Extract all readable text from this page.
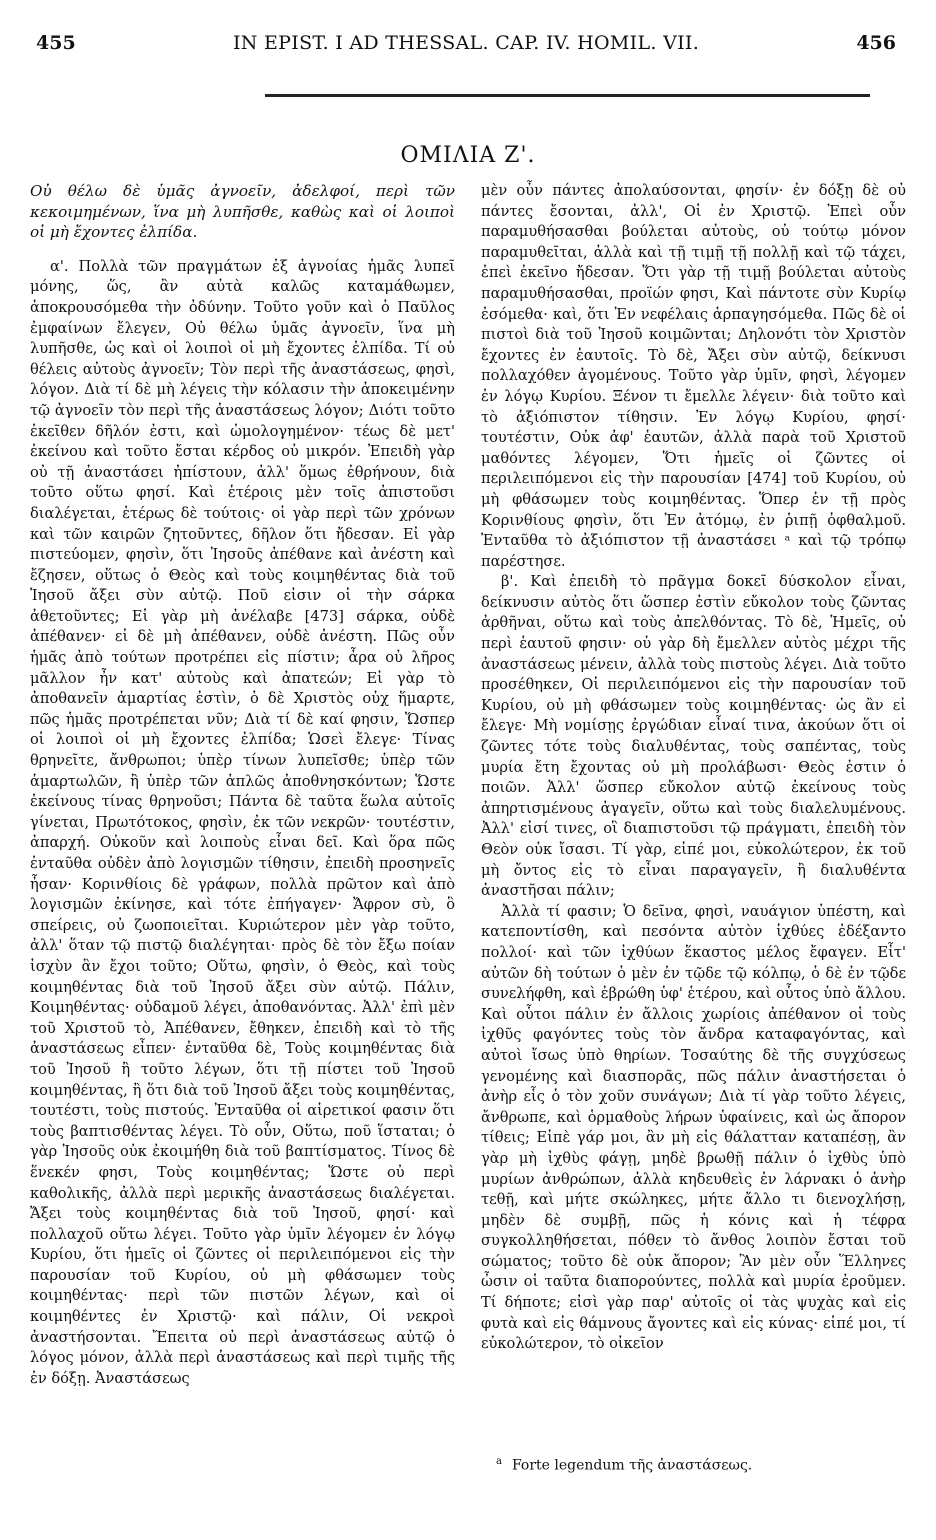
455	IN EPIST. I AD THESSAL. CAP. IV. HOMIL. VII.	456
ΟΜΙΛΙΑ Ζ'.

Οὐ θέλω δὲ ὑμᾶς ἀγνοεῖν, ἀδελφοί, περὶ τῶν κεκοιμημένων, ἵνα μὴ λυπῆσθε, καθὼς καὶ οἱ λοιποὶ οἱ μὴ ἔχοντες ἐλπίδα.

α'. Πολλὰ τῶν πραγμάτων ἐξ ἀγνοίας ἡμᾶς λυπεῖ μόνης, ὥς, ἂν αὐτὰ καλῶς καταμάθωμεν, ἀποκρουσόμεθα τὴν ὀδύνην. Τοῦτο γοῦν καὶ ὁ Παῦλος ἐμφαίνων ἔλεγεν, Οὐ θέλω ὑμᾶς ἀγνοεῖν, ἵνα μὴ λυπῆσθε, ὡς καὶ οἱ λοιποὶ οἱ μὴ ἔχοντες ἐλπίδα. Τί οὐ θέλεις αὐτοὺς ἀγνοεῖν; Τὸν περὶ τῆς ἀναστάσεως, φησὶ, λόγον. Διὰ τί δὲ μὴ λέγεις τὴν κόλασιν τὴν ἀποκειμένην τῷ ἀγνοεῖν τὸν περὶ τῆς ἀναστάσεως λόγον; Διότι τοῦτο ἐκεῖθεν δῆλόν ἐστι, καὶ ὡμολογημένον· τέως δὲ μετ' ἐκείνου καὶ τοῦτο ἔσται κέρδος οὐ μικρόν. Ἐπειδὴ γὰρ οὐ τῇ ἀναστάσει ἠπίστουν, ἀλλ' ὅμως ἐθρήνουν, διὰ τοῦτο οὕτω φησί. Καὶ ἑτέροις μὲν τοῖς ἀπιστοῦσι διαλέγεται, ἑτέρως δὲ τούτοις· οἱ γὰρ περὶ τῶν χρόνων καὶ τῶν καιρῶν ζητοῦντες, δῆλον ὅτι ἤδεσαν. Εἰ γὰρ πιστεύομεν, φησὶν, ὅτι Ἰησοῦς ἀπέθανε καὶ ἀνέστη καὶ ἔζησεν, οὕτως ὁ Θεὸς καὶ τοὺς κοιμηθέντας διὰ τοῦ Ἰησοῦ ἄξει σὺν αὐτῷ. Ποῦ εἰσιν οἱ τὴν σάρκα ἀθετοῦντες; Εἰ γὰρ μὴ ἀνέλαβε [473] σάρκα, οὐδὲ ἀπέθανεν· εἰ δὲ μὴ ἀπέθανεν, οὐδὲ ἀνέστη. Πῶς οὖν ἡμᾶς ἀπὸ τούτων προτρέπει εἰς πίστιν; ἆρα οὐ λῆρος μᾶλλον ἦν κατ' αὐτοὺς καὶ ἀπατεών; Εἰ γὰρ τὸ ἀποθανεῖν ἁμαρτίας ἐστὶν, ὁ δὲ Χριστὸς οὐχ ἥμαρτε, πῶς ἡμᾶς προτρέπεται νῦν; Διὰ τί δὲ καί φησιν, Ὥσπερ οἱ λοιποὶ οἱ μὴ ἔχοντες ἐλπίδα; Ὡσεὶ ἔλεγε· Τίνας θρηνεῖτε, ἄνθρωποι; ὑπὲρ τίνων λυπεῖσθε; ὑπὲρ τῶν ἁμαρτωλῶν, ἢ ὑπὲρ τῶν ἁπλῶς ἀποθνησκόντων; Ὥστε ἐκείνους τίνας θρηνοῦσι; Πάντα δὲ ταῦτα ἕωλα αὐτοῖς γίνεται, Πρωτότοκος, φησὶν, ἐκ τῶν νεκρῶν· τουτέστιν, ἀπαρχή. Οὐκοῦν καὶ λοιποὺς εἶναι δεῖ. Καὶ ὅρα πῶς ἐνταῦθα οὐδὲν ἀπὸ λογισμῶν τίθησιν, ἐπειδὴ προσηνεῖς ἦσαν· Κορινθίοις δὲ γράφων, πολλὰ πρῶτον καὶ ἀπὸ λογισμῶν ἐκίνησε, καὶ τότε ἐπήγαγεν· Ἄφρον σὺ, ὃ σπείρεις, οὐ ζωοποιεῖται. Κυριώτερον μὲν γὰρ τοῦτο, ἀλλ' ὅταν τῷ πιστῷ διαλέγηται· πρὸς δὲ τὸν ἔξω ποίαν ἰσχὺν ἂν ἔχοι τοῦτο; Οὕτω, φησὶν, ὁ Θεὸς, καὶ τοὺς κοιμηθέντας διὰ τοῦ Ἰησοῦ ἄξει σὺν αὐτῷ. Πάλιν, Κοιμηθέντας· οὐδαμοῦ λέγει, ἀποθανόντας. Ἀλλ' ἐπὶ μὲν τοῦ Χριστοῦ τὸ, Ἀπέθανεν, ἔθηκεν, ἐπειδὴ καὶ τὸ τῆς ἀναστάσεως εἶπεν· ἐνταῦθα δὲ, Τοὺς κοιμηθέντας διὰ τοῦ Ἰησοῦ ἢ τοῦτο λέγων, ὅτι τῇ πίστει τοῦ Ἰησοῦ κοιμηθέντας, ἢ ὅτι διὰ τοῦ Ἰησοῦ ἄξει τοὺς κοιμηθέντας, τουτέστι, τοὺς πιστούς. Ἐνταῦθα οἱ αἱρετικοί φασιν ὅτι τοὺς βαπτισθέντας λέγει. Τὸ οὖν, Οὕτω, ποῦ ἵσταται; ὁ γὰρ Ἰησοῦς οὐκ ἐκοιμήθη διὰ τοῦ βαπτίσματος. Τίνος δὲ ἕνεκέν φησι, Τοὺς κοιμηθέντας; Ὥστε οὐ περὶ καθολικῆς, ἀλλὰ περὶ μερικῆς ἀναστάσεως διαλέγεται. Ἄξει τοὺς κοιμηθέντας διὰ τοῦ Ἰησοῦ, φησί· καὶ πολλαχοῦ οὕτω λέγει. Τοῦτο γὰρ ὑμῖν λέγομεν ἐν λόγῳ Κυρίου, ὅτι ἡμεῖς οἱ ζῶντες οἱ περιλειπόμενοι εἰς τὴν παρουσίαν τοῦ Κυρίου, οὐ μὴ φθάσωμεν τοὺς κοιμηθέντας· περὶ τῶν πιστῶν λέγων, καὶ οἱ κοιμηθέντες ἐν Χριστῷ· καὶ πάλιν, Οἱ νεκροὶ ἀναστήσονται. Ἔπειτα οὐ περὶ ἀναστάσεως αὐτῷ ὁ λόγος μόνον, ἀλλὰ περὶ ἀναστάσεως καὶ περὶ τιμῆς τῆς ἐν δόξῃ. Ἀναστάσεως

μὲν οὖν πάντες ἀπολαύσονται, φησίν· ἐν δόξῃ δὲ οὐ πάντες ἔσονται, ἀλλ', Οἱ ἐν Χριστῷ. Ἐπεὶ οὖν παραμυθήσασθαι βούλεται αὐτοὺς, οὐ τούτῳ μόνον παραμυθεῖται, ἀλλὰ καὶ τῇ τιμῇ τῇ πολλῇ καὶ τῷ τάχει, ἐπεὶ ἐκεῖνο ἤδεσαν. Ὅτι γὰρ τῇ τιμῇ βούλεται αὐτοὺς παραμυθήσασθαι, προϊών φησι, Καὶ πάντοτε σὺν Κυρίῳ ἐσόμεθα· καὶ, ὅτι Ἐν νεφέλαις ἁρπαγησόμεθα. Πῶς δὲ οἱ πιστοὶ διὰ τοῦ Ἰησοῦ κοιμῶνται; Δηλονότι τὸν Χριστὸν ἔχοντες ἐν ἑαυτοῖς. Τὸ δὲ, Ἄξει σὺν αὐτῷ, δείκνυσι πολλαχόθεν ἀγομένους. Τοῦτο γὰρ ὑμῖν, φησὶ, λέγομεν ἐν λόγῳ Κυρίου. Ξένον τι ἔμελλε λέγειν· διὰ τοῦτο καὶ τὸ ἀξιόπιστον τίθησιν. Ἐν λόγῳ Κυρίου, φησί· τουτέστιν, Οὐκ ἀφ' ἑαυτῶν, ἀλλὰ παρὰ τοῦ Χριστοῦ μαθόντες λέγομεν, Ὅτι ἡμεῖς οἱ ζῶντες οἱ περιλειπόμενοι εἰς τὴν παρουσίαν [474] τοῦ Κυρίου, οὐ μὴ φθάσωμεν τοὺς κοιμηθέντας. Ὅπερ ἐν τῇ πρὸς Κορινθίους φησὶν, ὅτι Ἐν ἀτόμῳ, ἐν ῥιπῇ ὀφθαλμοῦ. Ἐνταῦθα τὸ ἀξιόπιστον τῇ ἀναστάσει ᵃ καὶ τῷ τρόπῳ παρέστησε.

β'. Καὶ ἐπειδὴ τὸ πρᾶγμα δοκεῖ δύσκολον εἶναι, δείκνυσιν αὐτὸς ὅτι ὥσπερ ἐστὶν εὔκολον τοὺς ζῶντας ἀρθῆναι, οὕτω καὶ τοὺς ἀπελθόντας. Τὸ δὲ, Ἡμεῖς, οὐ περὶ ἑαυτοῦ φησιν· οὐ γὰρ δὴ ἔμελλεν αὐτὸς μέχρι τῆς ἀναστάσεως μένειν, ἀλλὰ τοὺς πιστοὺς λέγει. Διὰ τοῦτο προσέθηκεν, Οἱ περιλειπόμενοι εἰς τὴν παρουσίαν τοῦ Κυρίου, οὐ μὴ φθάσωμεν τοὺς κοιμηθέντας· ὡς ἂν εἰ ἔλεγε· Μὴ νομίσῃς ἐργώδιαν εἶναί τινα, ἀκούων ὅτι οἱ ζῶντες τότε τοὺς διαλυθέντας, τοὺς σαπέντας, τοὺς μυρία ἔτη ἔχοντας οὐ μὴ προλάβωσι· Θεὸς ἐστιν ὁ ποιῶν. Ἀλλ' ὥσπερ εὔκολον αὐτῷ ἐκείνους τοὺς ἀπηρτισμένους ἀγαγεῖν, οὕτω καὶ τοὺς διαλελυμένους. Ἀλλ' εἰσί τινες, οἳ διαπιστοῦσι τῷ πράγματι, ἐπειδὴ τὸν Θεὸν οὐκ ἴσασι. Τί γὰρ, εἰπέ μοι, εὐκολώτερον, ἐκ τοῦ μὴ ὄντος εἰς τὸ εἶναι παραγαγεῖν, ἢ διαλυθέντα ἀναστῆσαι πάλιν;

Ἀλλὰ τί φασιν; Ὁ δεῖνα, φησὶ, ναυάγιον ὑπέστη, καὶ κατεποντίσθη, καὶ πεσόντα αὐτὸν ἰχθύες ἐδέξαντο πολλοί· καὶ τῶν ἰχθύων ἕκαστος μέλος ἔφαγεν. Εἶτ' αὐτῶν δὴ τούτων ὁ μὲν ἐν τῷδε τῷ κόλπῳ, ὁ δὲ ἐν τῷδε συνελήφθη, καὶ ἐβρώθη ὑφ' ἑτέρου, καὶ οὗτος ὑπὸ ἄλλου. Καὶ οὗτοι πάλιν ἐν ἄλλοις χωρίοις ἀπέθανον οἱ τοὺς ἰχθῦς φαγόντες τοὺς τὸν ἄνδρα καταφαγόντας, καὶ αὐτοὶ ἴσως ὑπὸ θηρίων. Τοσαύτης δὲ τῆς συγχύσεως γενομένης καὶ διασπορᾶς, πῶς πάλιν ἀναστήσεται ὁ ἀνὴρ εἷς ὁ τὸν χοῦν συνάγων; Διὰ τί γὰρ τοῦτο λέγεις, ἄνθρωπε, καὶ ὁρμαθοὺς λήρων ὑφαίνεις, καὶ ὡς ἄπορον τίθεις; Εἰπὲ γάρ μοι, ἂν μὴ εἰς θάλατταν καταπέσῃ, ἂν γὰρ μὴ ἰχθὺς φάγῃ, μηδὲ βρωθῇ πάλιν ὁ ἰχθὺς ὑπὸ μυρίων ἀνθρώπων, ἀλλὰ κηδευθεὶς ἐν λάρνακι ὁ ἀνὴρ τεθῇ, καὶ μήτε σκώληκες, μήτε ἄλλο τι διενοχλήσῃ, μηδὲν δὲ συμβῇ, πῶς ἡ κόνις καὶ ἡ τέφρα συγκολληθήσεται, πόθεν τὸ ἄνθος λοιπὸν ἔσται τοῦ σώματος; τοῦτο δὲ οὐκ ἄπορον; Ἂν μὲν οὖν Ἕλληνες ὦσιν οἱ ταῦτα διαπορούντες, πολλὰ καὶ μυρία ἐροῦμεν. Τί δήποτε; εἰσὶ γὰρ παρ' αὐτοῖς οἱ τὰς ψυχὰς καὶ εἰς φυτὰ καὶ εἰς θάμνους ἄγοντες καὶ εἰς κύνας· εἰπέ μοι, τί εὐκολώτερον, τὸ οἰκεῖον

$^a$ Forte legendum τῆς ἀναστάσεως.
